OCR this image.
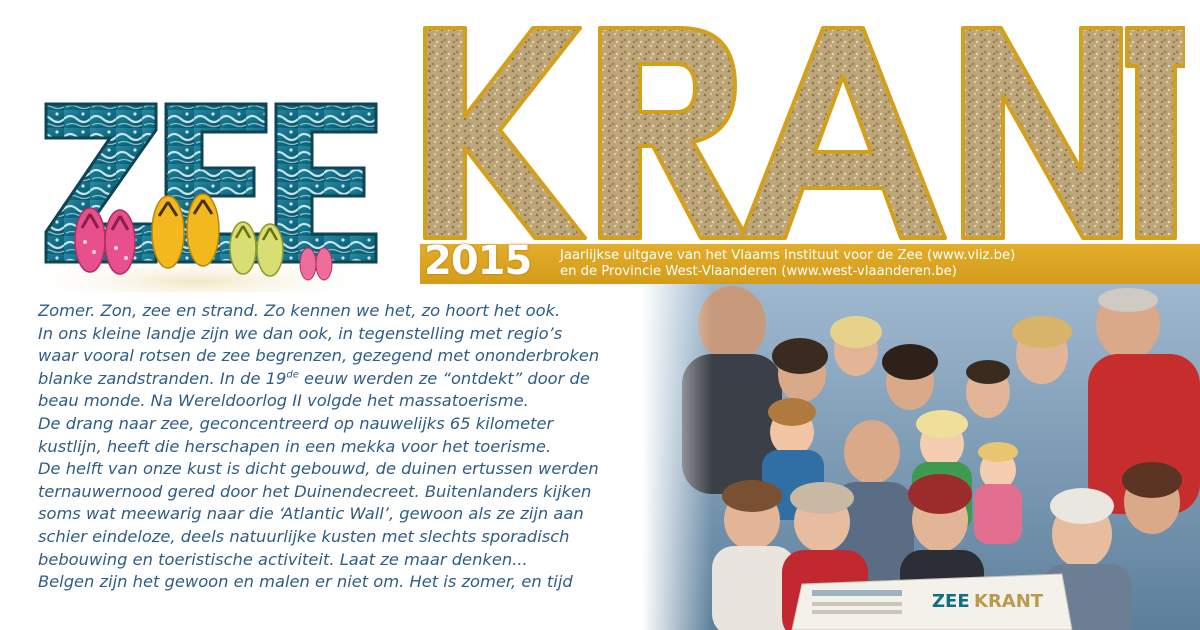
2015 Jaarlijkse uitgave van het Vlaams Instituut voor de Zee (www.vliz.be)
en de Provincie West-Vlaanderen (www.west-vlaanderen.be)
Zomer. Zon, zee en strand. Zo kennen we het, zo hoort het ook.
In ons kleine landje zijn we dan ook, in tegenstelling met regio’s
waar vooral rotsen de zee begrenzen, gezegend met ononderbroken
blanke zandstranden. In de 19de eeuw werden ze “ontdekt” door de
beau monde. Na Wereldoorlog II volgde het massatoerisme.
De drang naar zee, geconcentreerd op nauwelijks 65 kilometer
kustlijn, heeft die herschapen in een mekka voor het toerisme.
De helft van onze kust is dicht gebouwd, de duinen ertussen werden
ternauwernood gered door het Duinendecreet. Buitenlanders kijken
soms wat meewarig naar die ‘Atlantic Wall’, gewoon als ze zijn aan
schier eindeloze, deels natuurlijke kusten met slechts sporadisch
bebouwing en toeristische activiteit. Laat ze maar denken...
Belgen zijn het gewoon en malen er niet om. Het is zomer, en tijd
ZEE KRANT
